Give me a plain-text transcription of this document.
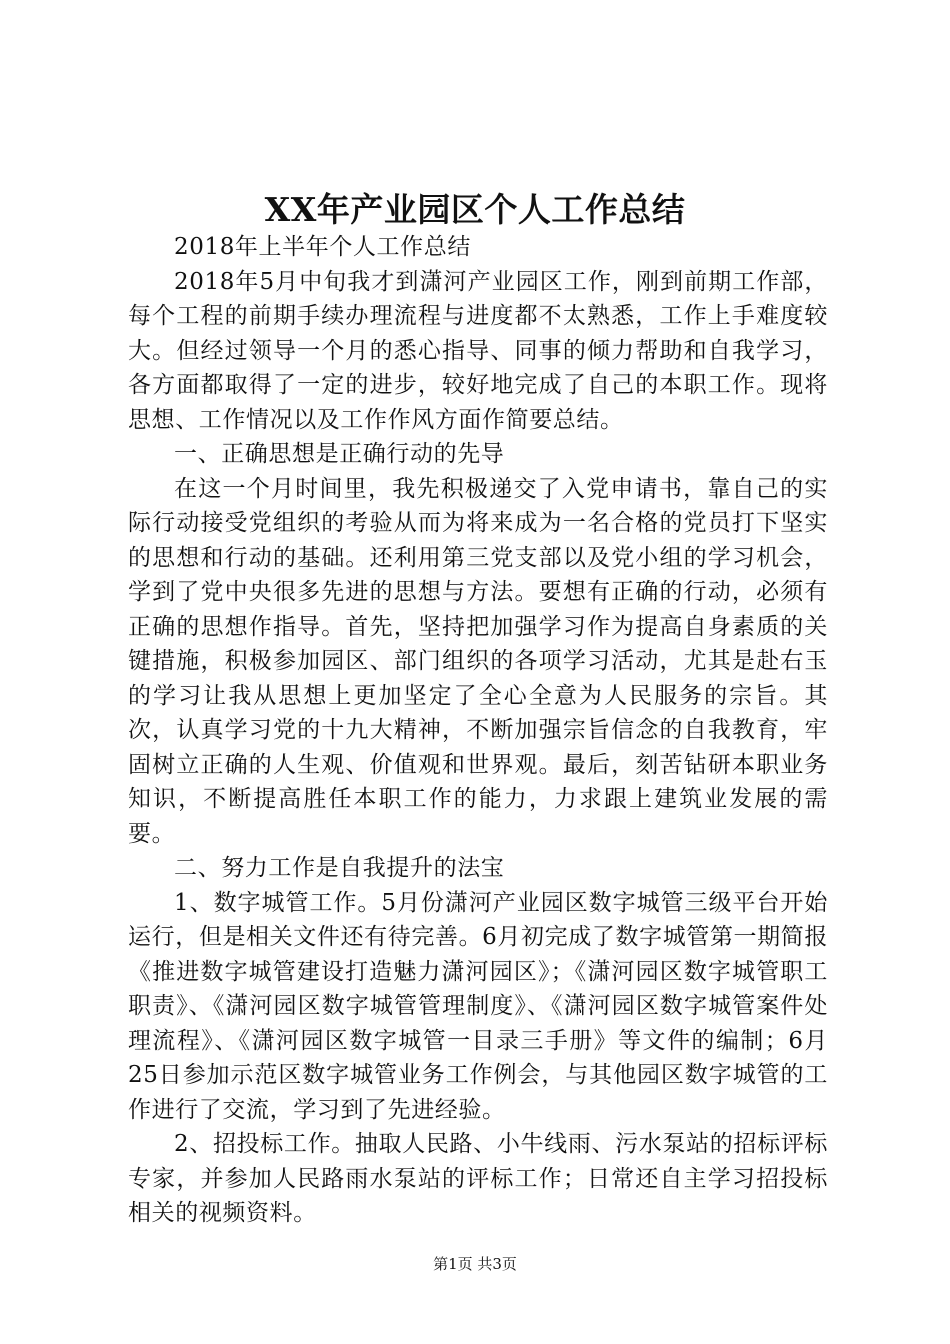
XX年产业园区个人工作总结

2018年上半年个人工作总结

2018年5月中旬我才到潇河产业园区工作，刚到前期工作部，每个工程的前期手续办理流程与进度都不太熟悉，工作上手难度较大。但经过领导一个月的悉心指导、同事的倾力帮助和自我学习，各方面都取得了一定的进步，较好地完成了自己的本职工作。现将思想、工作情况以及工作作风方面作简要总结。

一、正确思想是正确行动的先导

在这一个月时间里，我先积极递交了入党申请书，靠自己的实际行动接受党组织的考验从而为将来成为一名合格的党员打下坚实的思想和行动的基础。还利用第三党支部以及党小组的学习机会，学到了党中央很多先进的思想与方法。要想有正确的行动，必须有正确的思想作指导。首先，坚持把加强学习作为提高自身素质的关键措施，积极参加园区、部门组织的各项学习活动，尤其是赴右玉的学习让我从思想上更加坚定了全心全意为人民服务的宗旨。其次，认真学习党的十九大精神，不断加强宗旨信念的自我教育，牢固树立正确的人生观、价值观和世界观。最后，刻苦钻研本职业务知识，不断提高胜任本职工作的能力，力求跟上建筑业发展的需要。

二、努力工作是自我提升的法宝

1、数字城管工作。5月份潇河产业园区数字城管三级平台开始运行，但是相关文件还有待完善。6月初完成了数字城管第一期简报《推进数字城管建设打造魅力潇河园区》；《潇河园区数字城管职工职责》、《潇河园区数字城管管理制度》、《潇河园区数字城管案件处理流程》、《潇河园区数字城管一目录三手册》等文件的编制；6月25日参加示范区数字城管业务工作例会，与其他园区数字城管的工作进行了交流，学习到了先进经验。

2、招投标工作。抽取人民路、小牛线雨、污水泵站的招标评标专家，并参加人民路雨水泵站的评标工作；日常还自主学习招投标相关的视频资料。

第1页 共3页
